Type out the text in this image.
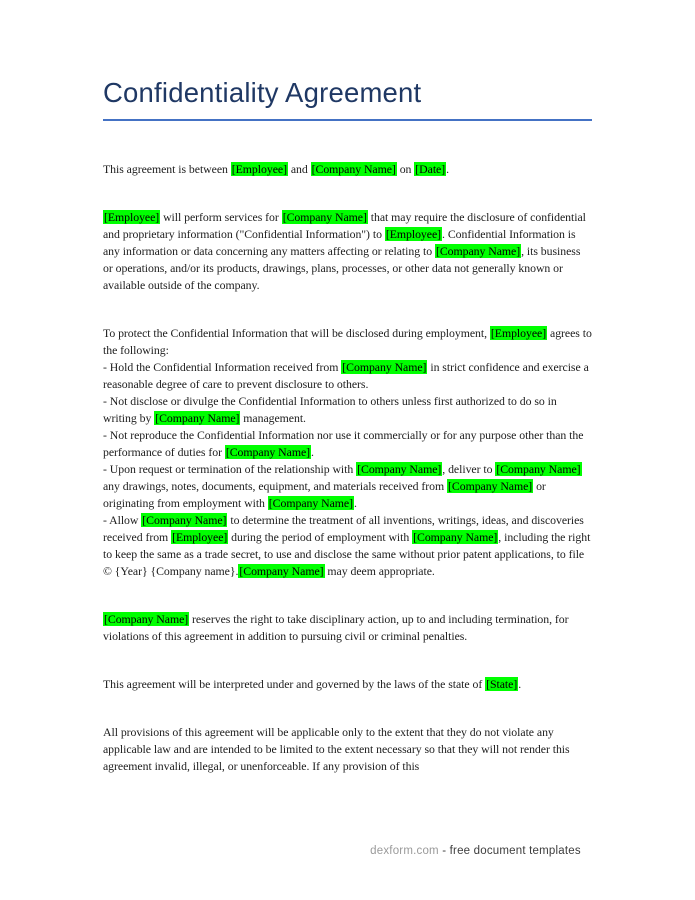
Confidentiality Agreement
This agreement is between [Employee] and [Company Name] on [Date].
[Employee] will perform services for [Company Name] that may require the disclosure of confidential and proprietary information ("Confidential Information") to [Employee]. Confidential Information is any information or data concerning any matters affecting or relating to [Company Name], its business or operations, and/or its products, drawings, plans, processes, or other data not generally known or available outside of the company.
To protect the Confidential Information that will be disclosed during employment, [Employee] agrees to the following:
- Hold the Confidential Information received from [Company Name] in strict confidence and exercise a reasonable degree of care to prevent disclosure to others.
- Not disclose or divulge the Confidential Information to others unless first authorized to do so in writing by [Company Name] management.
- Not reproduce the Confidential Information nor use it commercially or for any purpose other than the performance of duties for [Company Name].
- Upon request or termination of the relationship with [Company Name], deliver to [Company Name] any drawings, notes, documents, equipment, and materials received from [Company Name] or originating from employment with [Company Name].
- Allow [Company Name] to determine the treatment of all inventions, writings, ideas, and discoveries received from [Employee] during the period of employment with [Company Name], including the right to keep the same as a trade secret, to use and disclose the same without prior patent applications, to file © {Year} {Company name}.[Company Name] may deem appropriate.
[Company Name] reserves the right to take disciplinary action, up to and including termination, for violations of this agreement in addition to pursuing civil or criminal penalties.
This agreement will be interpreted under and governed by the laws of the state of [State].
All provisions of this agreement will be applicable only to the extent that they do not violate any applicable law and are intended to be limited to the extent necessary so that they will not render this agreement invalid, illegal, or unenforceable. If any provision of this
dexform.com - free document templates
